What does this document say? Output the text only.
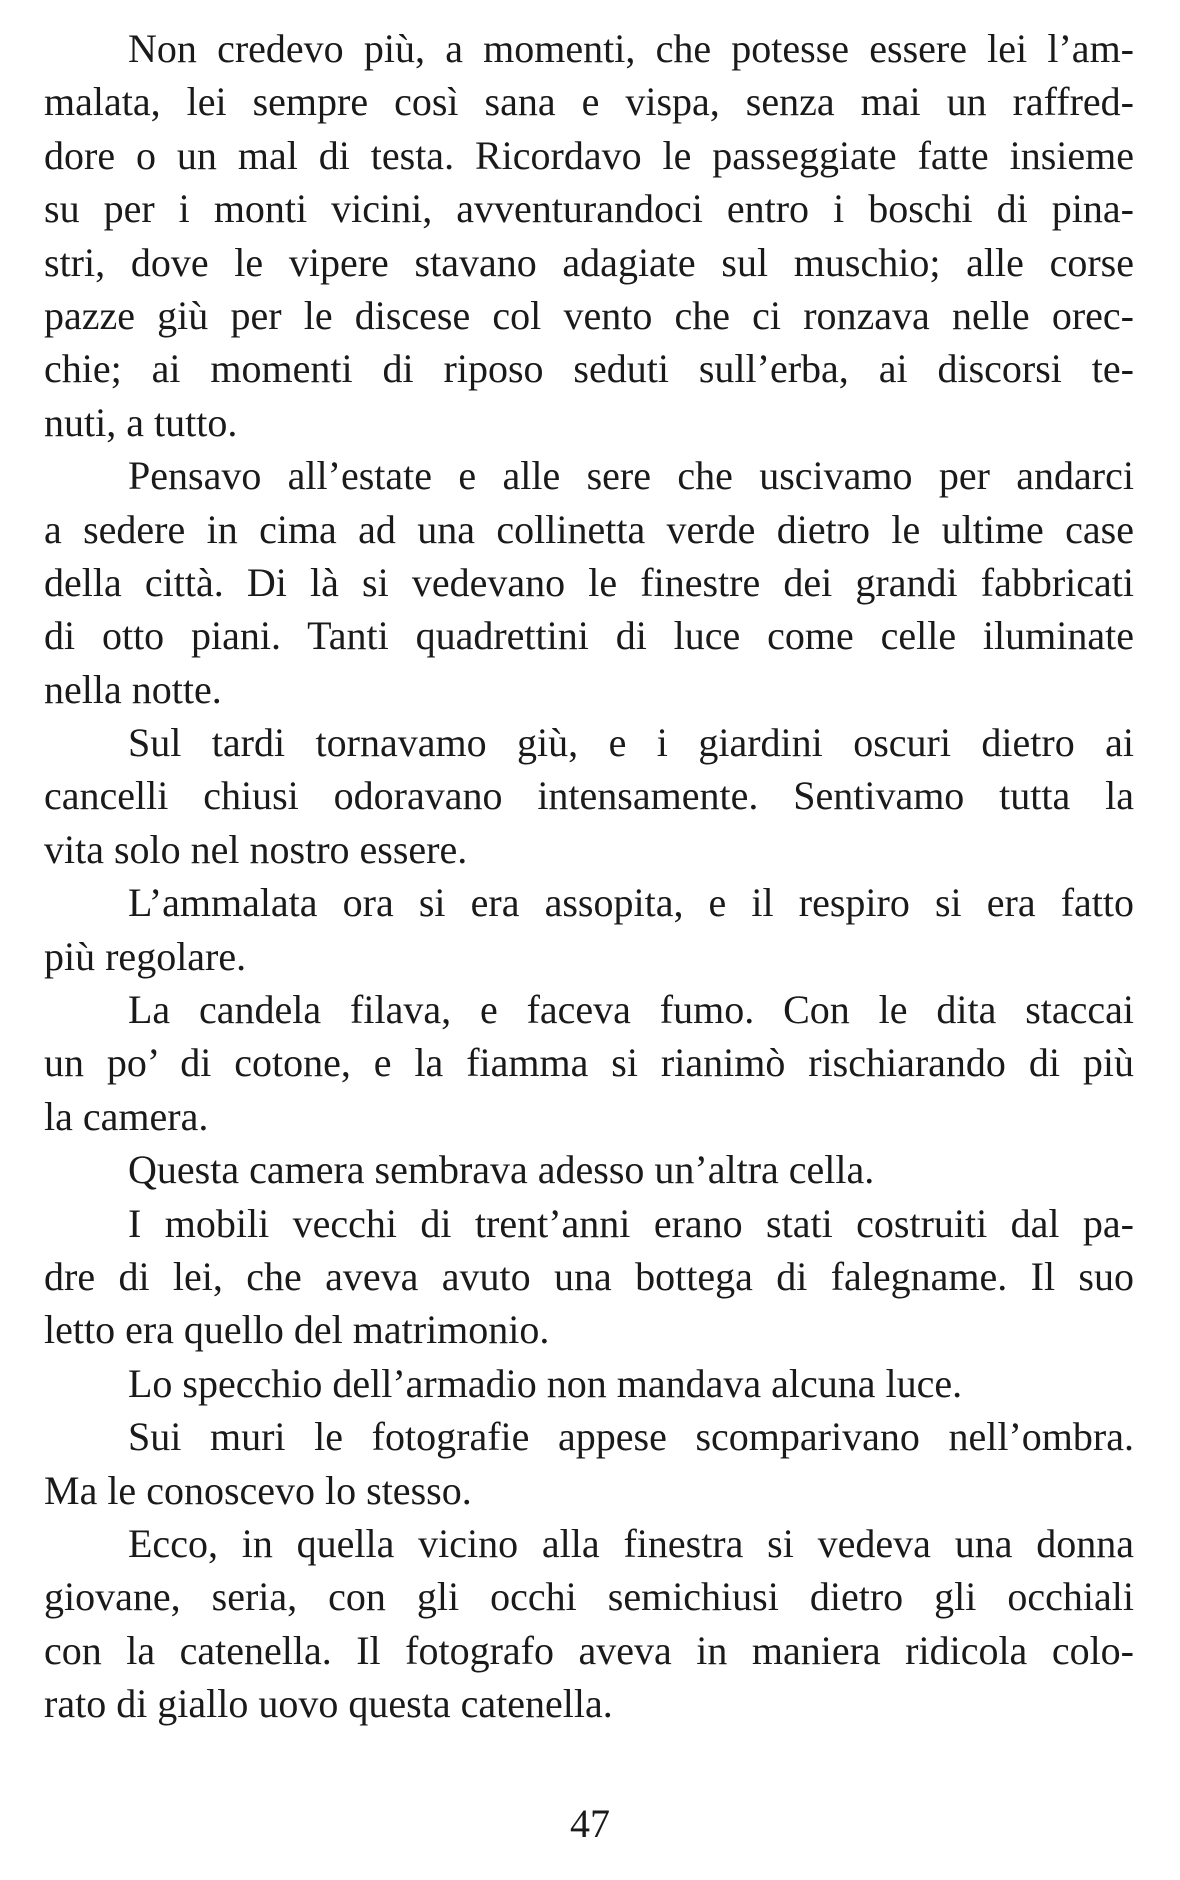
Non credevo più, a momenti, che potesse essere lei l’am-
malata, lei sempre così sana e vispa, senza mai un raffred-
dore o un mal di testa. Ricordavo le passeggiate fatte insieme
su per i monti vicini, avventurandoci entro i boschi di pina-
stri, dove le vipere stavano adagiate sul muschio; alle corse
pazze giù per le discese col vento che ci ronzava nelle orec-
chie; ai momenti di riposo seduti sull’erba, ai discorsi te-
nuti, a tutto.
Pensavo all’estate e alle sere che uscivamo per andarci
a sedere in cima ad una collinetta verde dietro le ultime case
della città. Di là si vedevano le finestre dei grandi fabbricati
di otto piani. Tanti quadrettini di luce come celle iluminate
nella notte.
Sul tardi tornavamo giù, e i giardini oscuri dietro ai
cancelli chiusi odoravano intensamente. Sentivamo tutta la
vita solo nel nostro essere.
L’ammalata ora si era assopita, e il respiro si era fatto
più regolare.
La candela filava, e faceva fumo. Con le dita staccai
un po’ di cotone, e la fiamma si rianimò rischiarando di più
la camera.
Questa camera sembrava adesso un’altra cella.
I mobili vecchi di trent’anni erano stati costruiti dal pa-
dre di lei, che aveva avuto una bottega di falegname. Il suo
letto era quello del matrimonio.
Lo specchio dell’armadio non mandava alcuna luce.
Sui muri le fotografie appese scomparivano nell’ombra.
Ma le conoscevo lo stesso.
Ecco, in quella vicino alla finestra si vedeva una donna
giovane, seria, con gli occhi semichiusi dietro gli occhiali
con la catenella. Il fotografo aveva in maniera ridicola colo-
rato di giallo uovo questa catenella.
47
